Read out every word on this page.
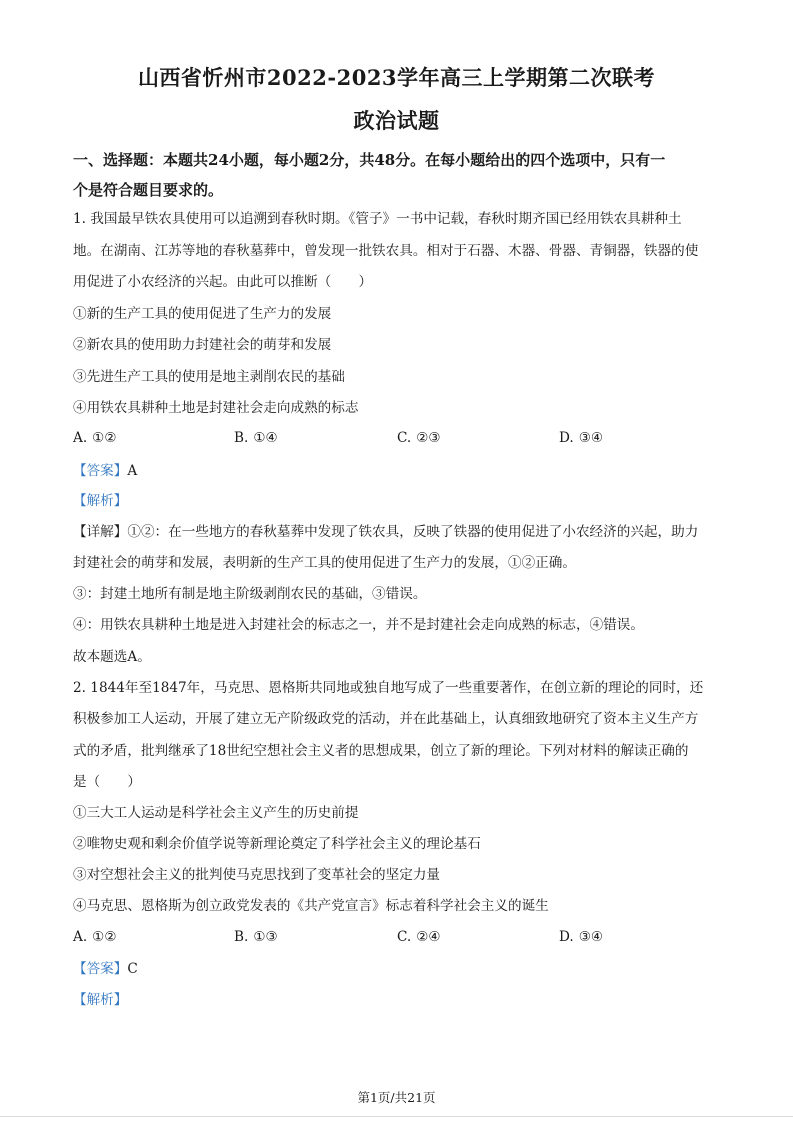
山西省忻州市2022-2023学年高三上学期第二次联考
政治试题
一、选择题：本题共24小题，每小题2分，共48分。在每小题给出的四个选项中，只有一
个是符合题目要求的。
1. 我国最早铁农具使用可以追溯到春秋时期。《管子》一书中记载，春秋时期齐国已经用铁农具耕种土
地。在湖南、江苏等地的春秋墓葬中，曾发现一批铁农具。相对于石器、木器、骨器、青铜器，铁器的使
用促进了小农经济的兴起。由此可以推断（　　）
①新的生产工具的使用促进了生产力的发展
②新农具的使用助力封建社会的萌芽和发展
③先进生产工具的使用是地主剥削农民的基础
④用铁农具耕种土地是封建社会走向成熟的标志
A. ①②	B. ①④	C. ②③	D. ③④
【答案】A
【解析】
【详解】①②：在一些地方的春秋墓葬中发现了铁农具，反映了铁器的使用促进了小农经济的兴起，助力
封建社会的萌芽和发展，表明新的生产工具的使用促进了生产力的发展，①②正确。
③：封建土地所有制是地主阶级剥削农民的基础，③错误。
④：用铁农具耕种土地是进入封建社会的标志之一，并不是封建社会走向成熟的标志，④错误。
故本题选A。
2. 1844年至1847年，马克思、恩格斯共同地或独自地写成了一些重要著作，在创立新的理论的同时，还
积极参加工人运动，开展了建立无产阶级政党的活动，并在此基础上，认真细致地研究了资本主义生产方
式的矛盾，批判继承了18世纪空想社会主义者的思想成果，创立了新的理论。下列对材料的解读正确的
是（　　）
①三大工人运动是科学社会主义产生的历史前提
②唯物史观和剩余价值学说等新理论奠定了科学社会主义的理论基石
③对空想社会主义的批判使马克思找到了变革社会的坚定力量
④马克思、恩格斯为创立政党发表的《共产党宣言》标志着科学社会主义的诞生
A. ①②	B. ①③	C. ②④	D. ③④
【答案】C
【解析】
第1页/共21页
